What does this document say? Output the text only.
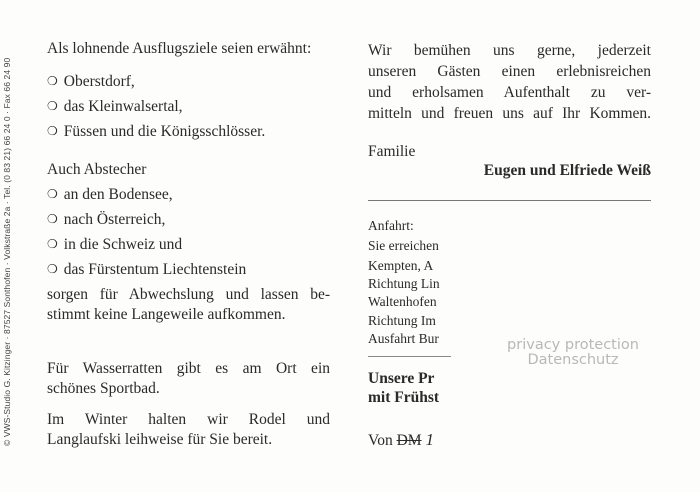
© VWS-Studio G. Kitzinger · 87527 Sonthofen · Volkstraße 2a · Tel. (0 83 21) 66 24 0 · Fax 66 24 90
Als lohnende Ausflugsziele seien erwähnt:
❍ Oberstdorf,
❍ das Kleinwalsertal,
❍ Füssen und die Königsschlösser.
Auch Abstecher
❍ an den Bodensee,
❍ nach Österreich,
❍ in die Schweiz und
❍ das Fürstentum Liechtenstein
sorgen für Abwechslung und lassen be-
stimmt keine Langeweile aufkommen.
Für Wasserratten gibt es am Ort ein
schönes Sportbad.
Im Winter halten wir Rodel und
Langlaufski leihweise für Sie bereit.
Wir bemühen uns gerne, jederzeit
unseren Gästen einen erlebnisreichen
und erholsamen Aufenthalt zu ver-
mitteln und freuen uns auf Ihr Kommen.
Familie
Eugen und Elfriede Weiß
Anfahrt:
Sie erreichen
Kempten, A
Richtung Lin
Waltenhofen
Richtung Im
Ausfahrt Bur
Unsere Pr
mit Frühst
Von DM 1
privacy protection
Datenschutz
